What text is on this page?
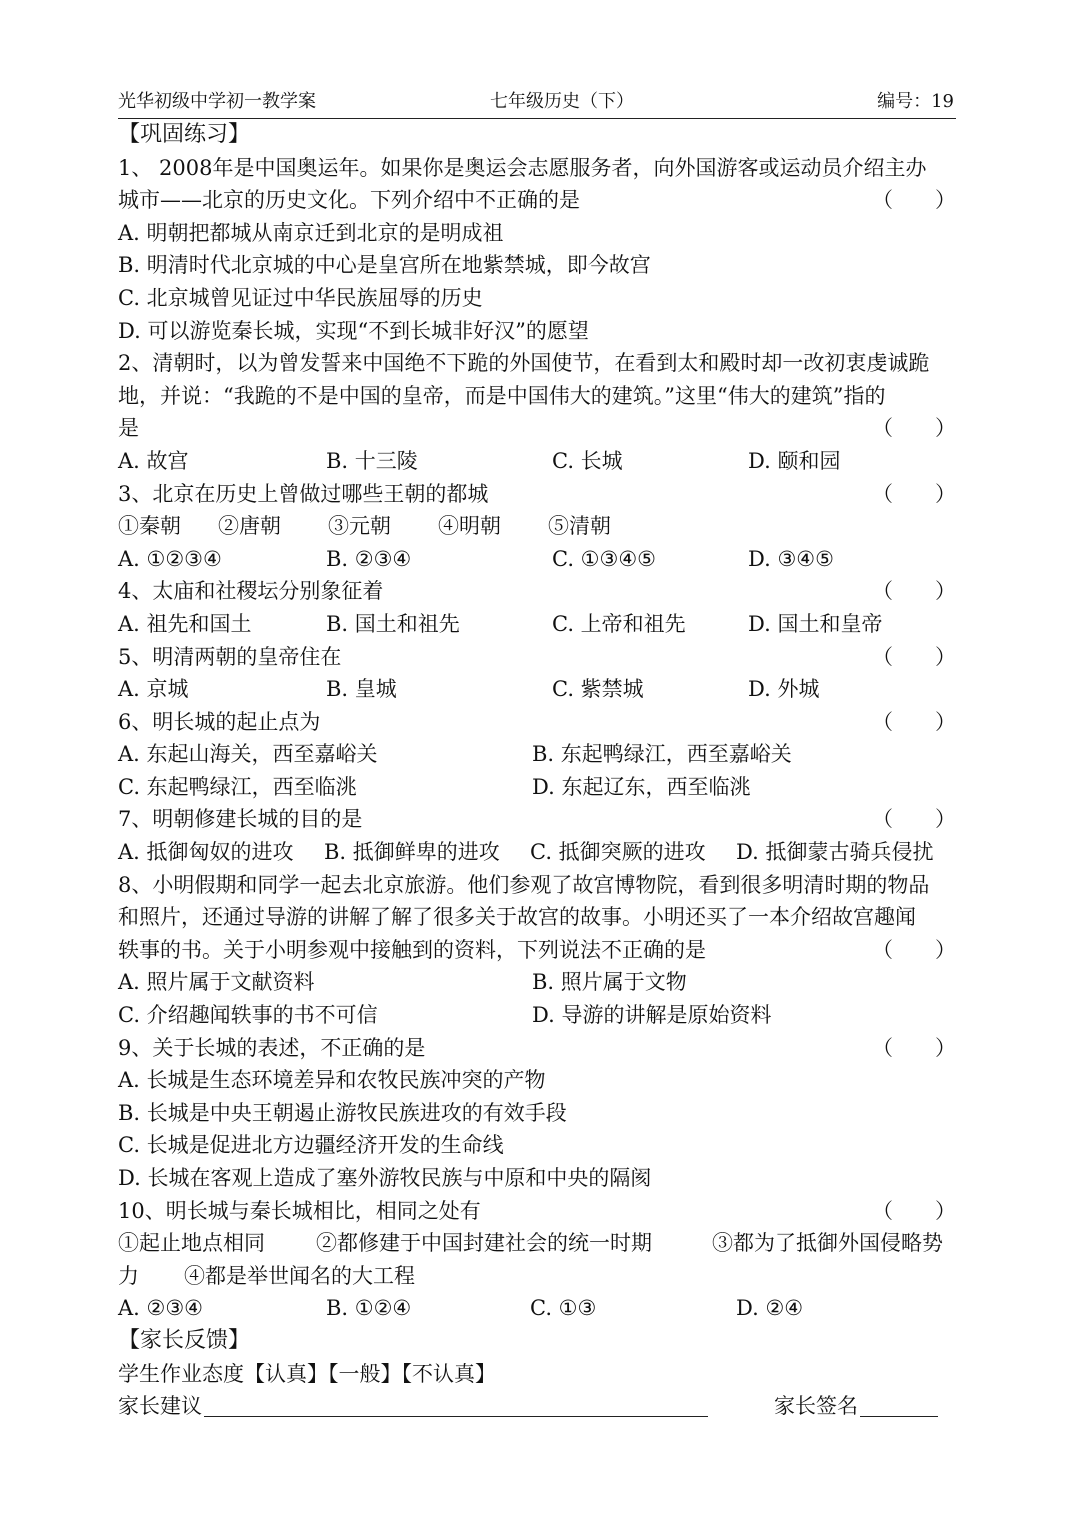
光华初级中学初一教学案	七年级历史（下）	编号：19
【巩固练习】
1、 2008年是中国奥运年。如果你是奥运会志愿服务者，向外国游客或运动员介绍主办
城市——北京的历史文化。下列介绍中不正确的是	（　　）
A. 明朝把都城从南京迁到北京的是明成祖
B. 明清时代北京城的中心是皇宫所在地紫禁城，即今故宫
C. 北京城曾见证过中华民族屈辱的历史
D. 可以游览秦长城，实现“不到长城非好汉”的愿望
2、清朝时，以为曾发誓来中国绝不下跪的外国使节，在看到太和殿时却一改初衷虔诚跪
地，并说：“我跪的不是中国的皇帝，而是中国伟大的建筑。”这里“伟大的建筑”指的
是	（　　）
A. 故宫	B. 十三陵	C. 长城	D. 颐和园
3、北京在历史上曾做过哪些王朝的都城	（　　）
①秦朝 ②唐朝 ③元朝 ④明朝 ⑤清朝
A. ①②③④	B. ②③④	C. ①③④⑤	D. ③④⑤
4、太庙和社稷坛分别象征着	（　　）
A. 祖先和国土	B. 国土和祖先	C. 上帝和祖先	D. 国土和皇帝
5、明清两朝的皇帝住在	（　　）
A. 京城	B. 皇城	C. 紫禁城	D. 外城
6、明长城的起止点为	（　　）
A. 东起山海关，西至嘉峪关	B. 东起鸭绿江，西至嘉峪关
C. 东起鸭绿江，西至临洮	D. 东起辽东，西至临洮
7、明朝修建长城的目的是	（　　）
A. 抵御匈奴的进攻 B. 抵御鲜卑的进攻 C. 抵御突厥的进攻 D. 抵御蒙古骑兵侵扰
8、小明假期和同学一起去北京旅游。他们参观了故宫博物院，看到很多明清时期的物品
和照片，还通过导游的讲解了解了很多关于故宫的故事。小明还买了一本介绍故宫趣闻
轶事的书。关于小明参观中接触到的资料，下列说法不正确的是	（　　）
A. 照片属于文献资料	B. 照片属于文物
C. 介绍趣闻轶事的书不可信	D. 导游的讲解是原始资料
9、关于长城的表述，不正确的是	（　　）
A. 长城是生态环境差异和农牧民族冲突的产物
B. 长城是中央王朝遏止游牧民族进攻的有效手段
C. 长城是促进北方边疆经济开发的生命线
D. 长城在客观上造成了塞外游牧民族与中原和中央的隔阂
10、明长城与秦长城相比，相同之处有	（　　）
①起止地点相同 ②都修建于中国封建社会的统一时期	③都为了抵御外国侵略势
力 ④都是举世闻名的大工程
A. ②③④	B. ①②④	C. ①③	D. ②④
【家长反馈】
学生作业态度【认真】【一般】【不认真】
家长建议	家长签名
